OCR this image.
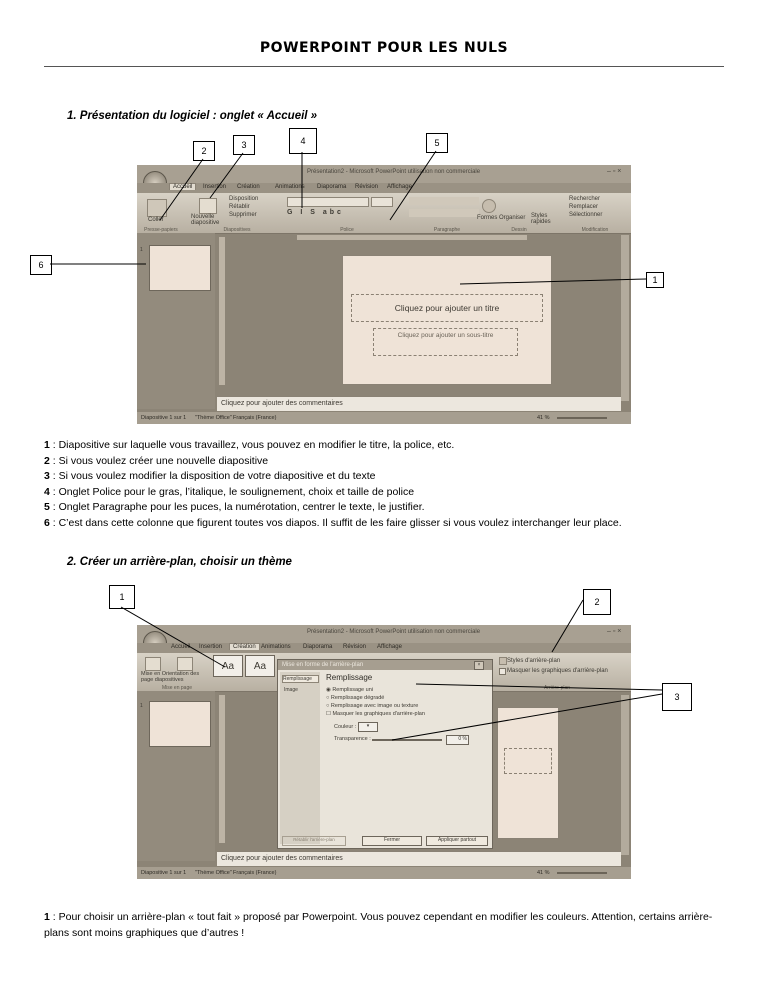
POWERPOINT POUR LES NULS
1. Présentation du logiciel : onglet « Accueil »
Présentation2 - Microsoft PowerPoint utilisation non commerciale	– ▫ ×
Accueil	Insertion Création	Animations Diaporama Révision Affichage
Coller	Nouvelle diapositive
Disposition
Rétablir
Supprimer	G I S abc
Formes Organiser Styles rapides
Rechercher
Remplacer
Sélectionner
Presse-papiers	Diapositives	Police	Paragraphe	Dessin	Modification
1
Cliquez pour ajouter un titre
Cliquez pour ajouter un sous-titre
Cliquez pour ajouter des commentaires
Diapositive 1 sur 1 "Thème Office" Français (France)	41 %
1
2
3	4	5
6
1 : Diapositive sur laquelle vous travaillez, vous pouvez en modifier le titre, la police, etc.
2 : Si vous voulez créer une nouvelle diapositive
3 : Si vous voulez modifier la disposition de votre diapositive et du texte
4 : Onglet Police pour le gras, l’italique, le soulignement, choix et taille de police
5 : Onglet Paragraphe pour les puces, la numérotation, centrer le texte, le justifier.
6 : C’est dans cette colonne que figurent toutes vos diapos. Il suffit de les faire glisser si vous voulez interchanger leur place.
2. Créer un arrière-plan, choisir un thème
Présentation2 - Microsoft PowerPoint utilisation non commerciale	– ▫ ×
Accueil Insertion	Création Animations Diaporama Révision Affichage
Mise en Orientation des page diapositives
Mise en page
Aa	Aa	Styles d'arrière-plan
Masquer les graphiques d'arrière-plan
Arrière-plan
1
Mise en forme de l'arrière-plan	×
Remplissage
Image
Remplissage
◉ Remplissage uni
○ Remplissage dégradé
○ Remplissage avec image ou texture
☐ Masquer les graphiques d'arrière-plan
Couleur :	▾
Transparence :	0 %
Rétablir l'arrière-plan	Fermer	Appliquer partout
Cliquez pour ajouter des commentaires
Diapositive 1 sur 1 "Thème Office" Français (France)	41 %
1	2
3
1 : Pour choisir un arrière-plan « tout fait » proposé par Powerpoint. Vous pouvez cependant en modifier les couleurs. Attention, certains arrière-plans sont moins graphiques que d’autres !
